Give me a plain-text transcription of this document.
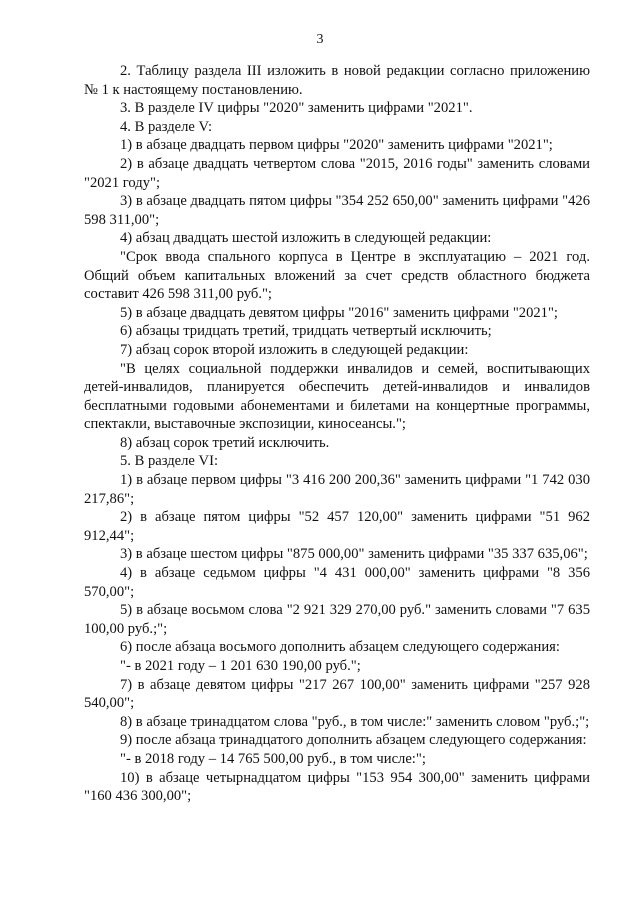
3

2. Таблицу раздела III изложить в новой редакции согласно приложению № 1 к настоящему постановлению.

3. В разделе IV цифры "2020" заменить цифрами "2021".

4. В разделе V:

1) в абзаце двадцать первом цифры "2020" заменить цифрами "2021";

2) в абзаце двадцать четвертом слова "2015, 2016 годы" заменить словами "2021 году";

3) в абзаце двадцать пятом цифры "354 252 650,00" заменить цифрами "426 598 311,00";

4) абзац двадцать шестой изложить в следующей редакции:

"Срок ввода спального корпуса в Центре в эксплуатацию – 2021 год. Общий объем капитальных вложений за счет средств областного бюджета составит 426 598 311,00 руб.";

5) в абзаце двадцать девятом цифры "2016" заменить цифрами "2021";

6) абзацы тридцать третий, тридцать четвертый исключить;

7) абзац сорок второй изложить в следующей редакции:

"В целях социальной поддержки инвалидов и семей, воспитывающих детей-инвалидов, планируется обеспечить детей-инвалидов и инвалидов бесплатными годовыми абонементами и билетами на концертные программы, спектакли, выставочные экспозиции, киносеансы.";

8) абзац сорок третий исключить.

5. В разделе VI:

1) в абзаце первом цифры "3 416 200 200,36" заменить цифрами "1 742 030 217,86";

2) в абзаце пятом цифры "52 457 120,00" заменить цифрами "51 962 912,44";

3) в абзаце шестом цифры "875 000,00" заменить цифрами "35 337 635,06";

4) в абзаце седьмом цифры "4 431 000,00" заменить цифрами "8 356 570,00";

5) в абзаце восьмом слова "2 921 329 270,00 руб." заменить словами "7 635 100,00 руб.;";

6) после абзаца восьмого дополнить абзацем следующего содержания:

"- в 2021 году – 1 201 630 190,00 руб.";

7) в абзаце девятом цифры "217 267 100,00" заменить цифрами "257 928 540,00";

8) в абзаце тринадцатом слова "руб., в том числе:" заменить словом "руб.;";

9) после абзаца тринадцатого дополнить абзацем следующего содержания:

"- в 2018 году – 14 765 500,00 руб., в том числе:";

10) в абзаце четырнадцатом цифры "153 954 300,00" заменить цифрами "160 436 300,00";
